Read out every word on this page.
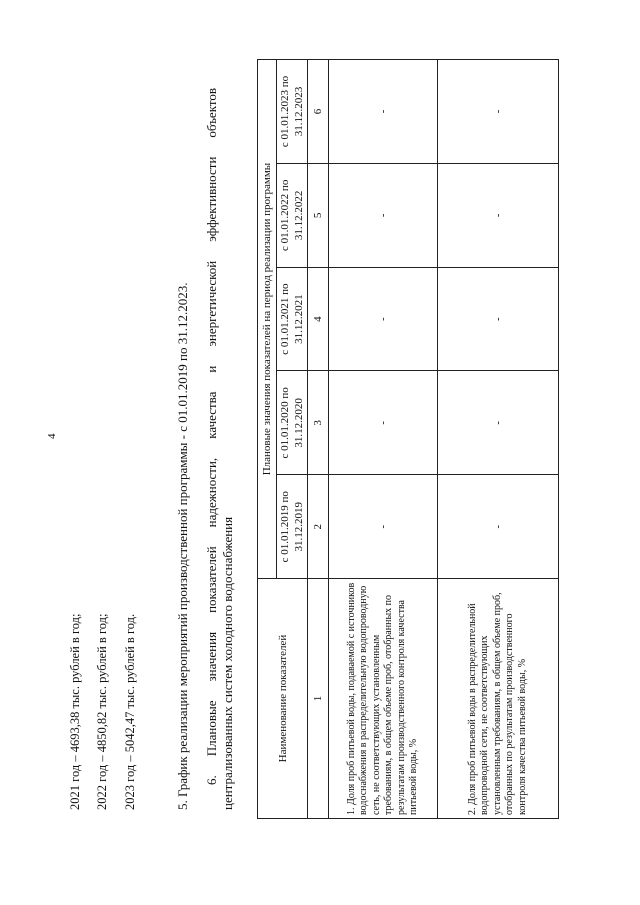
4
2021 год – 4693,38 тыс. рублей в год; 2022 год – 4850,82 тыс. рублей в год; 2023 год – 5042,47 тыс. рублей в год.	5. График реализации мероприятий производственной программы - с 01.01.2019 по 31.12.2023. 6. Плановые значения показателей надежности, качества и энергетической эффективности объектов централизованных систем холодного водоснабжения	Наименование показателей	Плановые значения показателей на период реализации программы				
	с 01.01.2019 по 31.12.2019	с 01.01.2020 по 31.12.2020	с 01.01.2021 по 31.12.2021	с 01.01.2022 по 31.12.2022	с 01.01.2023 по 31.12.2023
1	2	3	4	5	6
1. Доля проб питьевой воды, подаваемой с источников водоснабжения в распределительную водопроводную сеть, не соответствующих установленным требованиям, в общем объеме проб, отобранных по результатам производственного контроля качества питьевой воды, %	-	-	-	-	-
2. Доля проб питьевой воды в распределительной водопроводной сети, не соответствующих установленным требованиям, в общем объеме проб, отобранных по результатам производственного контроля качества питьевой воды, %	-	-	-	-	-
